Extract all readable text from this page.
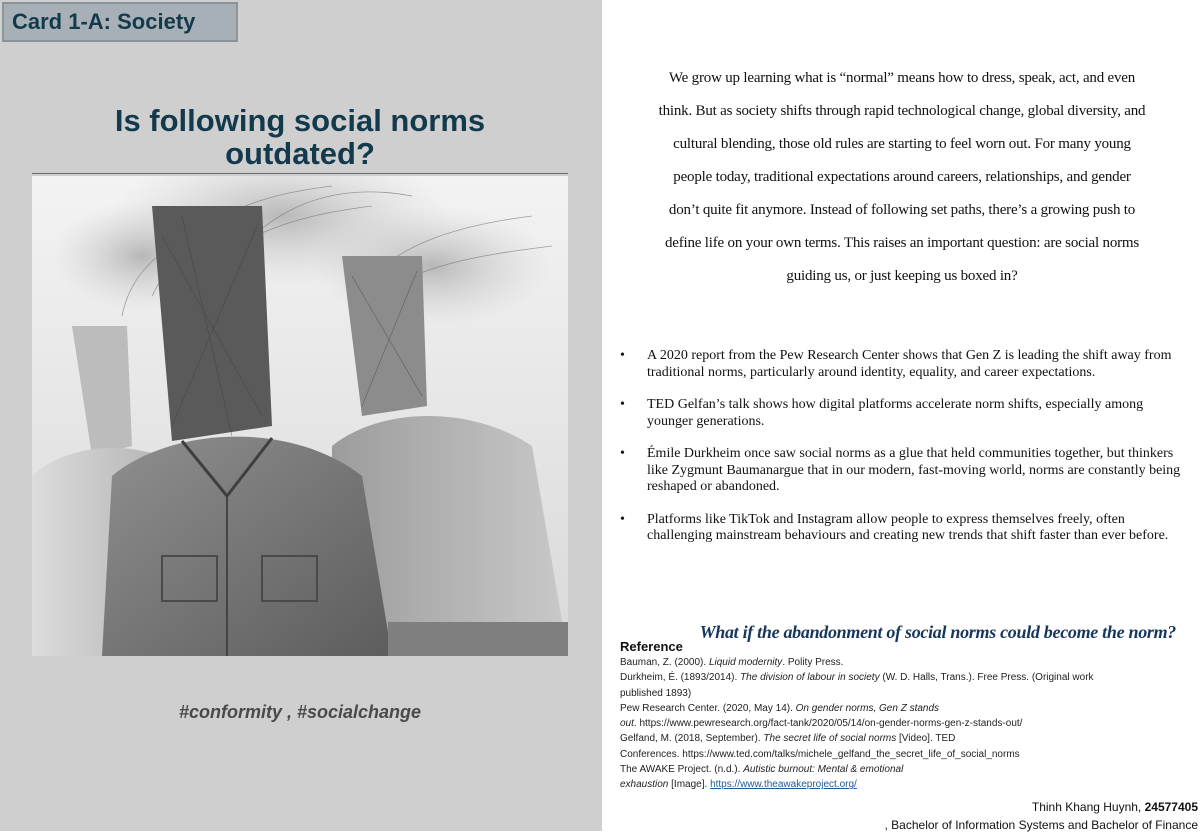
Card 1-A: Society
Is following social norms
outdated?
#conformity , #socialchange
We grow up learning what is “normal” means how to dress, speak, act, and even
think. But as society shifts through rapid technological change, global diversity, and
cultural blending, those old rules are starting to feel worn out. For many young
people today, traditional expectations around careers, relationships, and gender
don’t quite fit anymore. Instead of following set paths, there’s a growing push to
define life on your own terms. This raises an important question: are social norms
guiding us, or just keeping us boxed in?
• A 2020 report from the Pew Research Center shows that Gen Z is leading the shift away from traditional norms, particularly around identity, equality, and career expectations.
• TED Gelfan’s talk shows how digital platforms accelerate norm shifts, especially among younger generations.
• Émile Durkheim once saw social norms as a glue that held communities together, but thinkers like Zygmunt Baumanargue that in our modern, fast-moving world, norms are constantly being reshaped or abandoned.
• Platforms like TikTok and Instagram allow people to express themselves freely, often challenging mainstream behaviours and creating new trends that shift faster than ever before.
What if the abandonment of social norms could become the norm?
Reference
Bauman, Z. (2000). Liquid modernity. Polity Press.
Durkheim, É. (1893/2014). The division of labour in society (W. D. Halls, Trans.). Free Press. (Original work
published 1893)
Pew Research Center. (2020, May 14). On gender norms, Gen Z stands
out. https://www.pewresearch.org/fact-tank/2020/05/14/on-gender-norms-gen-z-stands-out/
Gelfand, M. (2018, September). The secret life of social norms [Video]. TED
Conferences. https://www.ted.com/talks/michele_gelfand_the_secret_life_of_social_norms
The AWAKE Project. (n.d.). Autistic burnout: Mental & emotional
exhaustion [Image]. https://www.theawakeproject.org/
Thinh Khang Huynh, 24577405
, Bachelor of Information Systems and Bachelor of Finance
